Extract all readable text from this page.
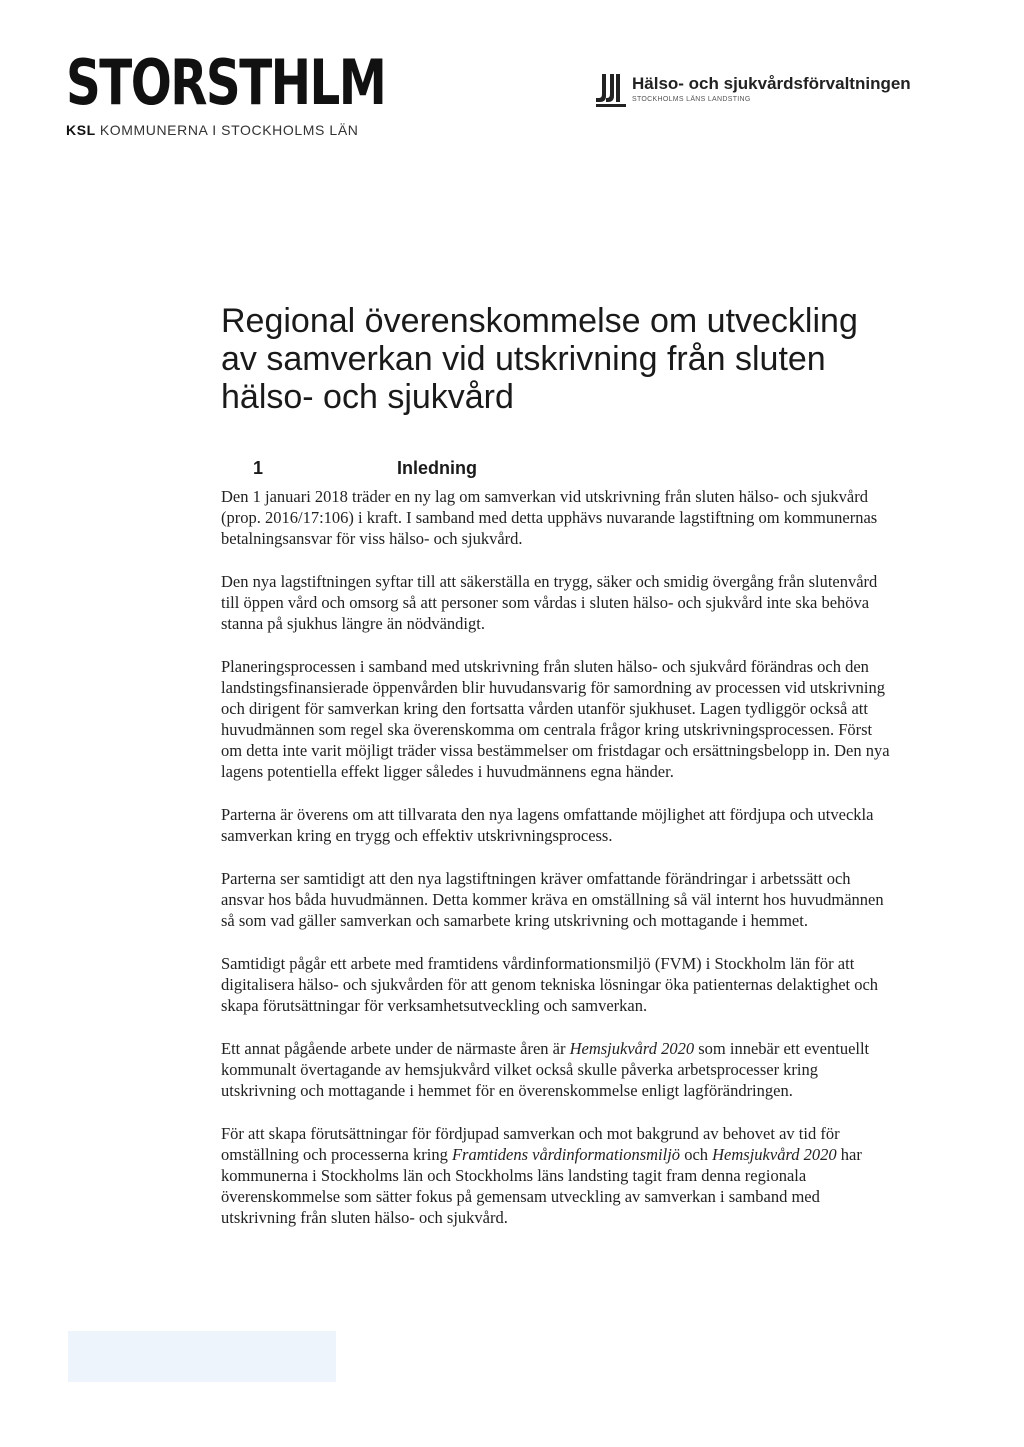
STORSTHLM
KSL KOMMUNERNA I STOCKHOLMS LÄN
Hälso- och sjukvårdsförvaltningen
STOCKHOLMS LÄNS LANDSTING
Regional överenskommelse om utveckling av samverkan vid utskrivning från sluten hälso- och sjukvård
1	Inledning

Den 1 januari 2018 träder en ny lag om samverkan vid utskrivning från sluten hälso- och sjukvård (prop. 2016/17:106) i kraft. I samband med detta upphävs nuvarande lagstiftning om kommunernas betalningsansvar för viss hälso- och sjukvård.

Den nya lagstiftningen syftar till att säkerställa en trygg, säker och smidig övergång från slutenvård till öppen vård och omsorg så att personer som vårdas i sluten hälso- och sjukvård inte ska behöva stanna på sjukhus längre än nödvändigt.

Planeringsprocessen i samband med utskrivning från sluten hälso- och sjukvård förändras och den landstingsfinansierade öppenvården blir huvudansvarig för samordning av processen vid utskrivning och dirigent för samverkan kring den fortsatta vården utanför sjukhuset. Lagen tydliggör också att huvudmännen som regel ska överenskomma om centrala frågor kring utskrivningsprocessen. Först om detta inte varit möjligt träder vissa bestämmelser om fristdagar och ersättningsbelopp in. Den nya lagens potentiella effekt ligger således i huvudmännens egna händer.

Parterna är överens om att tillvarata den nya lagens omfattande möjlighet att fördjupa och utveckla samverkan kring en trygg och effektiv utskrivningsprocess.

Parterna ser samtidigt att den nya lagstiftningen kräver omfattande förändringar i arbetssätt och ansvar hos båda huvudmännen. Detta kommer kräva en omställning så väl internt hos huvudmännen så som vad gäller samverkan och samarbete kring utskrivning och mottagande i hemmet.

Samtidigt pågår ett arbete med framtidens vårdinformationsmiljö (FVM) i Stockholm län för att digitalisera hälso- och sjukvården för att genom tekniska lösningar öka patienternas delaktighet och skapa förutsättningar för verksamhetsutveckling och samverkan.

Ett annat pågående arbete under de närmaste åren är Hemsjukvård 2020 som innebär ett eventuellt kommunalt övertagande av hemsjukvård vilket också skulle påverka arbetsprocesser kring utskrivning och mottagande i hemmet för en överenskommelse enligt lagförändringen.

För att skapa förutsättningar för fördjupad samverkan och mot bakgrund av behovet av tid för omställning och processerna kring Framtidens vårdinformationsmiljö och Hemsjukvård 2020 har kommunerna i Stockholms län och Stockholms läns landsting tagit fram denna regionala överenskommelse som sätter fokus på gemensam utveckling av samverkan i samband med utskrivning från sluten hälso- och sjukvård.
